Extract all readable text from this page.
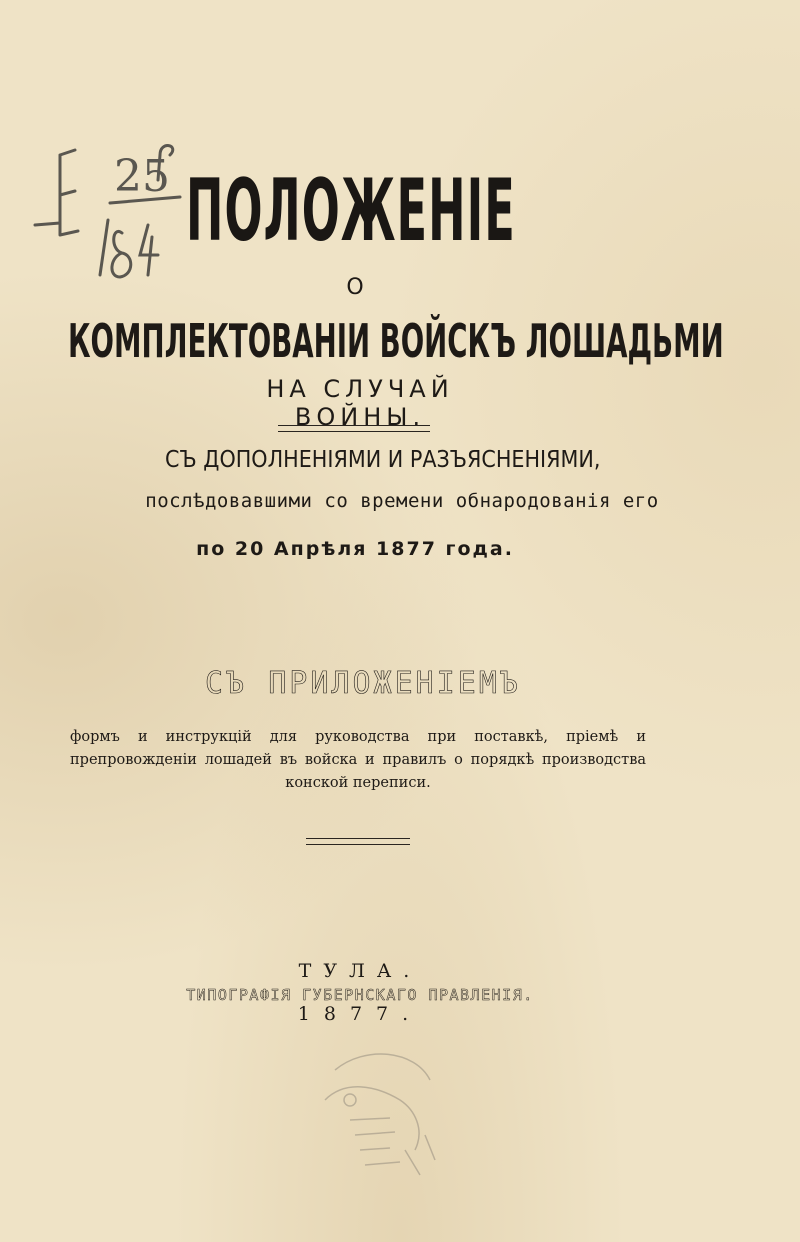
25 ПОЛОЖЕНІЕ
О
КОМПЛЕКТОВАНІИ ВОЙСКЪ ЛОШАДЬМИ
НА СЛУЧАЙ ВОЙНЫ.
СЪ ДОПОЛНЕНІЯМИ И РАЗЪЯСНЕНІЯМИ,
послѣдовавшими со времени обнародованія его
по 20 Апрѣля 1877 года.
СЪ ПРИЛОЖЕНІЕМЪ
формъ и инструкцій для руководства при поставкѣ, пріемѣ и препровожденіи лошадей въ войска и правилъ о порядкѣ производства конской переписи.
ТУЛА.
ТИПОГРАФІЯ ГУБЕРНСКАГО ПРАВЛЕНІЯ.
1877.
